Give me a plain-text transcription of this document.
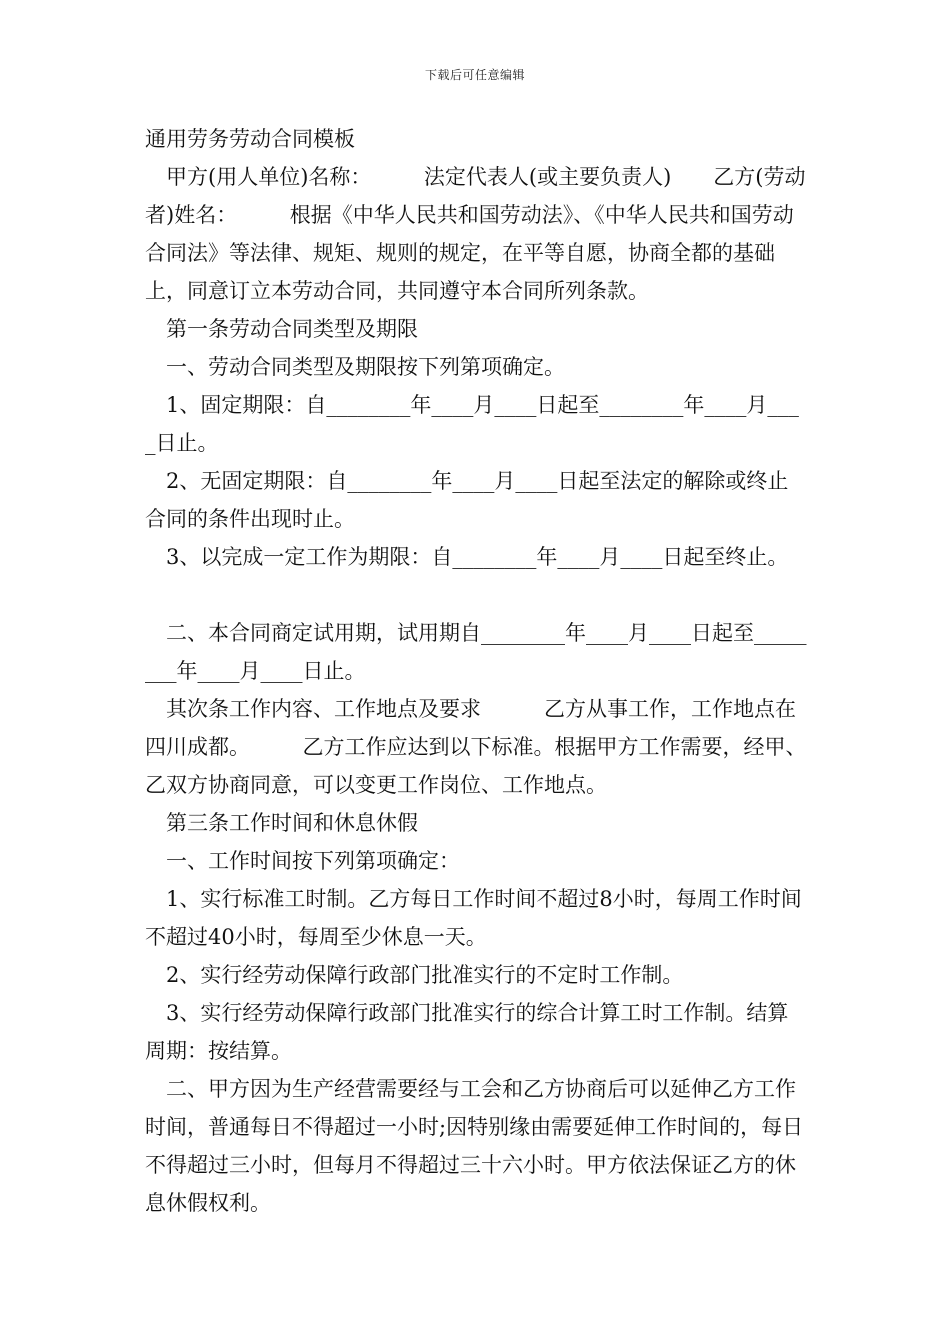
下载后可任意编辑

通用劳务劳动合同模板

　甲方(用人单位)名称：　　　法定代表人(或主要负责人)　　乙方(劳动者)姓名：　　　根据《中华人民共和国劳动法》、《中华人民共和国劳动合同法》等法律、规矩、规则的规定，在平等自愿，协商全都的基础上，同意订立本劳动合同，共同遵守本合同所列条款。

　第一条劳动合同类型及期限

　一、劳动合同类型及期限按下列第项确定。

　1、固定期限：自________年____月____日起至________年____月____日止。

　2、无固定期限：自________年____月____日起至法定的解除或终止合同的条件出现时止。

　3、以完成一定工作为期限：自________年____月____日起至终止。

　二、本合同商定试用期，试用期自________年____月____日起至________年____月____日止。

　其次条工作内容、工作地点及要求　　　乙方从事工作，工作地点在四川成都。　　　乙方工作应达到以下标准。根据甲方工作需要，经甲、乙双方协商同意，可以变更工作岗位、工作地点。

　第三条工作时间和休息休假

　一、工作时间按下列第项确定：

　1、实行标准工时制。乙方每日工作时间不超过8小时，每周工作时间不超过40小时，每周至少休息一天。

　2、实行经劳动保障行政部门批准实行的不定时工作制。

　3、实行经劳动保障行政部门批准实行的综合计算工时工作制。结算周期：按结算。

　二、甲方因为生产经营需要经与工会和乙方协商后可以延伸乙方工作时间，普通每日不得超过一小时;因特别缘由需要延伸工作时间的，每日不得超过三小时，但每月不得超过三十六小时。甲方依法保证乙方的休息休假权利。
